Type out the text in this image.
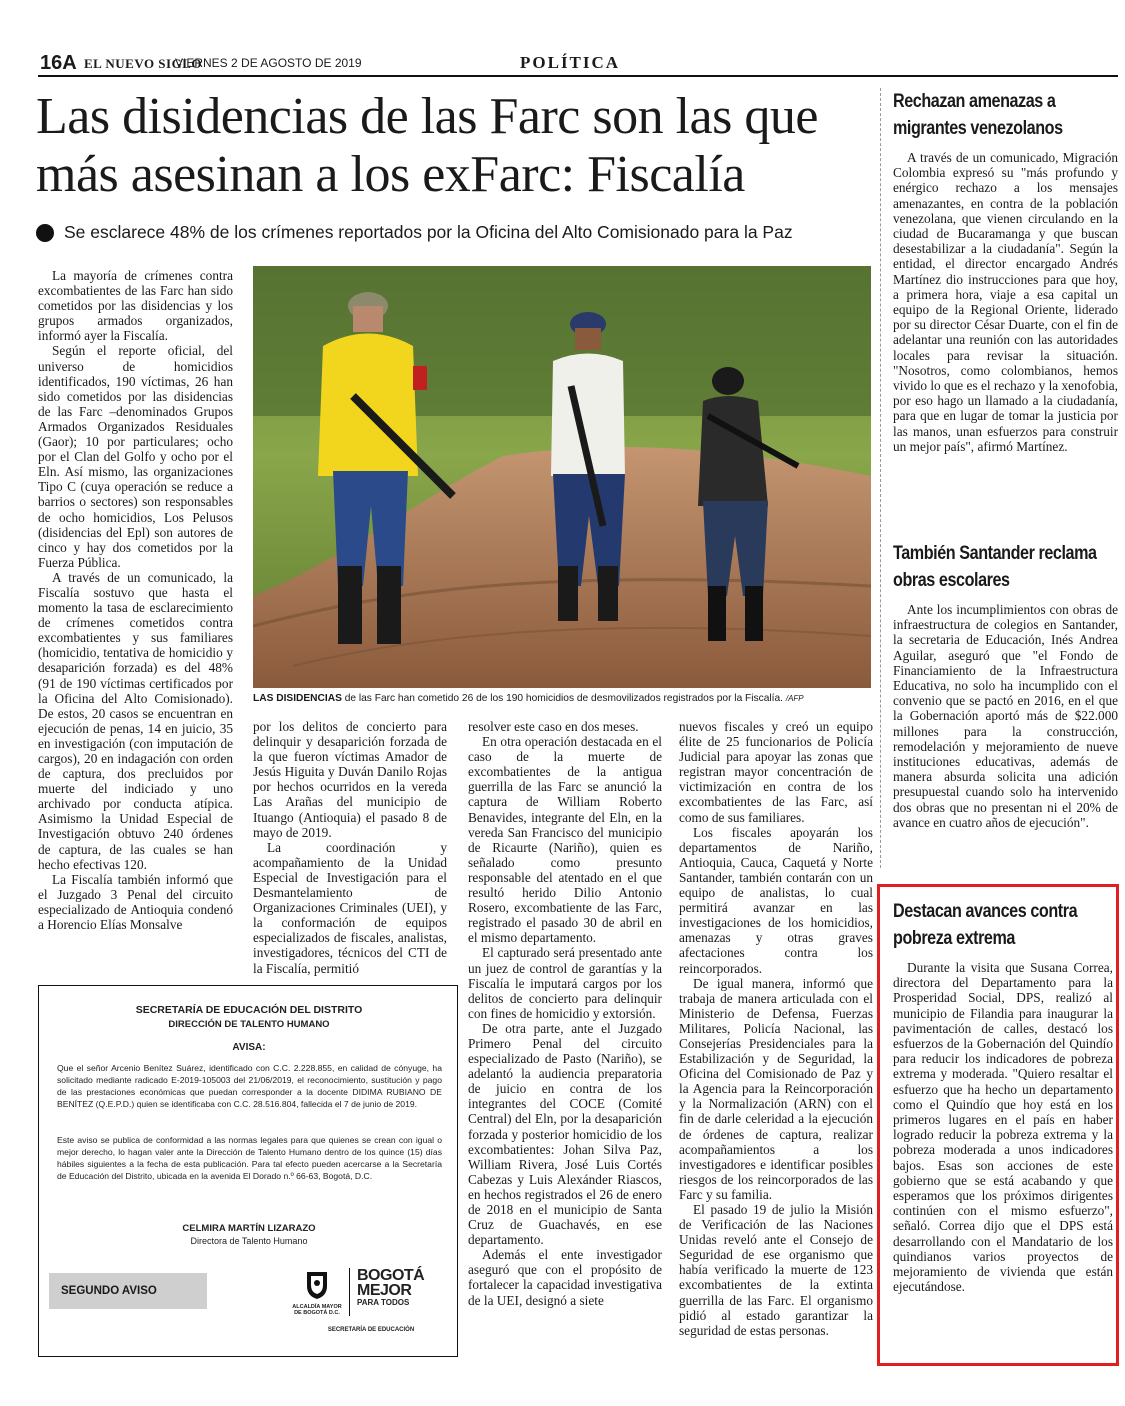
16A EL NUEVO SIGLO
VIERNES 2 DE AGOSTO DE 2019	POLÍTICA
Las disidencias de las Farc son las que
más asesinan a los exFarc: Fiscalía
Se esclarece 48% de los crímenes reportados por la Oficina del Alto Comisionado para la Paz

La mayoría de crímenes contra excombatientes de las Farc han sido cometidos por las disidencias y los grupos armados organizados, informó ayer la Fiscalía.

Según el reporte oficial, del universo de homicidios identificados, 190 víctimas, 26 han sido cometidos por las disidencias de las Farc –denominados Grupos Armados Organizados Residuales (Gaor); 10 por particulares; ocho por el Clan del Golfo y ocho por el Eln. Así mismo, las organizaciones Tipo C (cuya operación se reduce a barrios o sectores) son responsables de ocho homicidios, Los Pelusos (disidencias del Epl) son autores de cinco y hay dos cometidos por la Fuerza Pública.

A través de un comunicado, la Fiscalía sostuvo que hasta el momento la tasa de esclarecimiento de crímenes cometidos contra excombatientes y sus familiares (homicidio, tentativa de homicidio y desaparición forzada) es del 48% (91 de 190 víctimas certificados por la Oficina del Alto Comisionado). De estos, 20 casos se encuentran en ejecución de penas, 14 en juicio, 35 en investigación (con imputación de cargos), 20 en indagación con orden de captura, dos precluidos por muerte del indiciado y uno archivado por conducta atípica. Asimismo la Unidad Especial de Investigación obtuvo 240 órdenes de captura, de las cuales se han hecho efectivas 120.

La Fiscalía también informó que el Juzgado 3 Penal del circuito especializado de Antioquia condenó a Horencio Elías Monsalve

LAS DISIDENCIAS de las Farc han cometido 26 de los 190 homicidios de desmovilizados registrados por la Fiscalía. /AFP

por los delitos de concierto para delinquir y desaparición forzada de la que fueron víctimas Amador de Jesús Higuita y Duván Danilo Rojas por hechos ocurridos en la vereda Las Arañas del municipio de Ituango (Antioquia) el pasado 8 de mayo de 2019.

La coordinación y acompañamiento de la Unidad Especial de Investigación para el Desmantelamiento de Organizaciones Criminales (UEI), y la conformación de equipos especializados de fiscales, analistas, investigadores, técnicos del CTI de la Fiscalía, permitió

resolver este caso en dos meses.

En otra operación destacada en el caso de la muerte de excombatientes de la antigua guerrilla de las Farc se anunció la captura de William Roberto Benavides, integrante del Eln, en la vereda San Francisco del municipio de Ricaurte (Nariño), quien es señalado como presunto responsable del atentado en el que resultó herido Dilio Antonio Rosero, excombatiente de las Farc, registrado el pasado 30 de abril en el mismo departamento.

El capturado será presentado ante un juez de control de garantías y la Fiscalía le imputará cargos por los delitos de concierto para delinquir con fines de homicidio y extorsión.

De otra parte, ante el Juzgado Primero Penal del circuito especializado de Pasto (Nariño), se adelantó la audiencia preparatoria de juicio en contra de los integrantes del COCE (Comité Central) del Eln, por la desaparición forzada y posterior homicidio de los excombatientes: Johan Silva Paz, William Rivera, José Luis Cortés Cabezas y Luis Alexánder Riascos, en hechos registrados el 26 de enero de 2018 en el municipio de Santa Cruz de Guachavés, en ese departamento.

Además el ente investigador aseguró que con el propósito de fortalecer la capacidad investigativa de la UEI, designó a siete

nuevos fiscales y creó un equipo élite de 25 funcionarios de Policía Judicial para apoyar las zonas que registran mayor concentración de victimización en contra de los excombatientes de las Farc, así como de sus familiares.

Los fiscales apoyarán los departamentos de Nariño, Antioquia, Cauca, Caquetá y Norte Santander, también contarán con un equipo de analistas, lo cual permitirá avanzar en las investigaciones de los homicidios, amenazas y otras graves afectaciones contra los reincorporados.

De igual manera, informó que trabaja de manera articulada con el Ministerio de Defensa, Fuerzas Militares, Policía Nacional, las Consejerías Presidenciales para la Estabilización y de Seguridad, la Oficina del Comisionado de Paz y la Agencia para la Reincorporación y la Normalización (ARN) con el fin de darle celeridad a la ejecución de órdenes de captura, realizar acompañamientos a los investigadores e identificar posibles riesgos de los reincorporados de las Farc y su familia.

El pasado 19 de julio la Misión de Verificación de las Naciones Unidas reveló ante el Consejo de Seguridad de ese organismo que había verificado la muerte de 123 excombatientes de la extinta guerrilla de las Farc. El organismo pidió al estado garantizar la seguridad de estas personas.

Rechazan amenazas a migrantes venezolanos

A través de un comunicado, Migración Colombia expresó su "más profundo y enérgico rechazo a los mensajes amenazantes, en contra de la población venezolana, que vienen circulando en la ciudad de Bucaramanga y que buscan desestabilizar a la ciudadanía". Según la entidad, el director encargado Andrés Martínez dio instrucciones para que hoy, a primera hora, viaje a esa capital un equipo de la Regional Oriente, liderado por su director César Duarte, con el fin de adelantar una reunión con las autoridades locales para revisar la situación. "Nosotros, como colombianos, hemos vivido lo que es el rechazo y la xenofobia, por eso hago un llamado a la ciudadanía, para que en lugar de tomar la justicia por las manos, unan esfuerzos para construir un mejor país", afirmó Martínez.

También Santander reclama obras escolares

Ante los incumplimientos con obras de infraestructura de colegios en Santander, la secretaria de Educación, Inés Andrea Aguilar, aseguró que "el Fondo de Financiamiento de la Infraestructura Educativa, no solo ha incumplido con el convenio que se pactó en 2016, en el que la Gobernación aportó más de $22.000 millones para la construcción, remodelación y mejoramiento de nueve instituciones educativas, además de manera absurda solicita una adición presupuestal cuando solo ha intervenido dos obras que no presentan ni el 20% de avance en cuatro años de ejecución".

Destacan avances contra pobreza extrema

Durante la visita que Susana Correa, directora del Departamento para la Prosperidad Social, DPS, realizó al municipio de Filandia para inaugurar la pavimentación de calles, destacó los esfuerzos de la Gobernación del Quindío para reducir los indicadores de pobreza extrema y moderada. "Quiero resaltar el esfuerzo que ha hecho un departamento como el Quindío que hoy está en los primeros lugares en el país en haber logrado reducir la pobreza extrema y la pobreza moderada a unos indicadores bajos. Esas son acciones de este gobierno que se está acabando y que esperamos que los próximos dirigentes continúen con el mismo esfuerzo", señaló. Correa dijo que el DPS está desarrollando con el Mandatario de los quindianos varios proyectos de mejoramiento de vivienda que están ejecutándose.

SECRETARÍA DE EDUCACIÓN DEL DISTRITO
DIRECCIÓN DE TALENTO HUMANO
AVISA:
Que el señor Arcenio Benítez Suárez, identificado con C.C. 2.228.855, en calidad de cónyuge, ha solicitado mediante radicado E-2019-105003 del 21/06/2019, el reconocimiento, sustitución y pago de las prestaciones económicas que puedan corresponder a la docente DIDIMA RUBIANO DE BENÍTEZ (Q.E.P.D.) quien se identificaba con C.C. 28.516.804, fallecida el 7 de junio de 2019.
Este aviso se publica de conformidad a las normas legales para que quienes se crean con igual o mejor derecho, lo hagan valer ante la Dirección de Talento Humano dentro de los quince (15) días hábiles siguientes a la fecha de esta publicación. Para tal efecto pueden acercarse a la Secretaría de Educación del Distrito, ubicada en la avenida El Dorado n.º 66-63, Bogotá, D.C.
CELMIRA MARTÍN LIZARAZO
Directora de Talento Humano
SEGUNDO AVISO
ALCALDÍA MAYOR
DE BOGOTÁ D.C.
BOGOTÁ
MEJOR
PARA TODOS
SECRETARÍA DE EDUCACIÓN
